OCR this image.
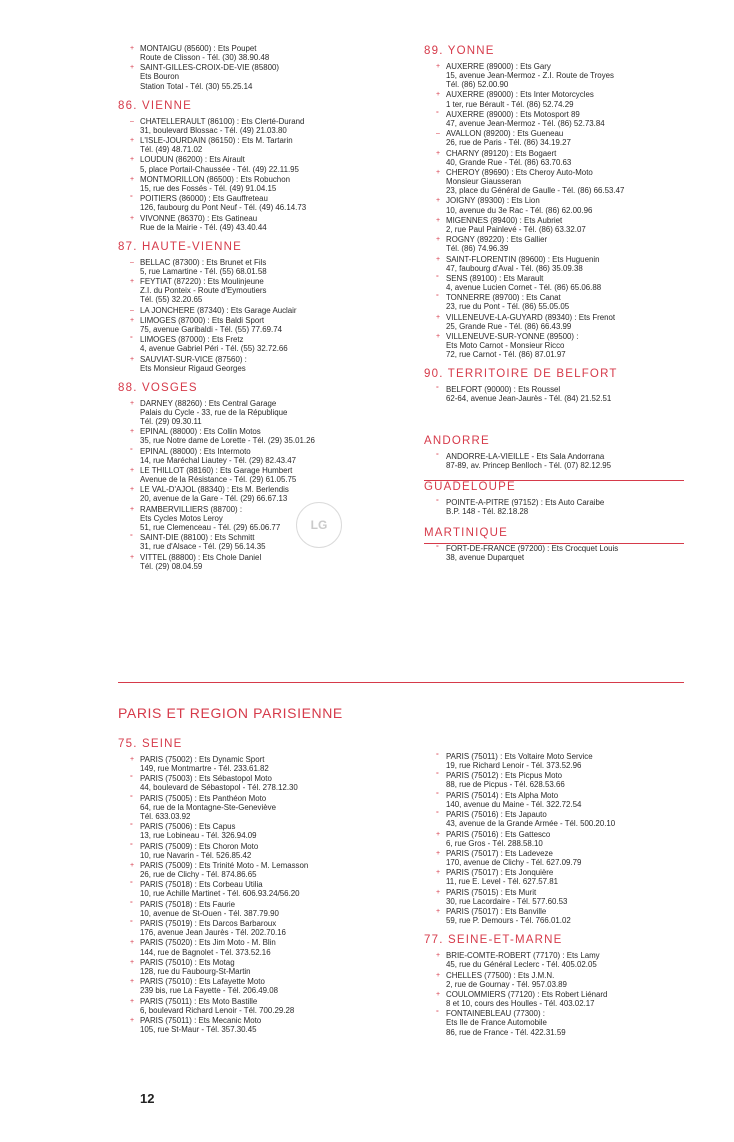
+ MONTAIGU (85600) : Ets Poupet
Route de Clisson - Tél. (30) 38.90.48
+ SAINT-GILLES-CROIX-DE-VIE (85800)
Ets Bouron
Station Total - Tél. (30) 55.25.14
86. VIENNE
– CHATELLERAULT (86100) : Ets Clerté-Durand
31, boulevard Blossac - Tél. (49) 21.03.80
+ L'ISLE-JOURDAIN (86150) : Ets M. Tartarin
Tél. (49) 48.71.02
+ LOUDUN (86200) : Ets Airault
5, place Portail-Chaussée - Tél. (49) 22.11.95
+ MONTMORILLON (86500) : Ets Robuchon
15, rue des Fossés - Tél. (49) 91.04.15
° POITIERS (86000) : Ets Gauffreteau
126, faubourg du Pont Neuf - Tél. (49) 46.14.73
+ VIVONNE (86370) : Ets Gatineau
Rue de la Mairie - Tél. (49) 43.40.44
87. HAUTE-VIENNE
– BELLAC (87300) : Ets Brunet et Fils
5, rue Lamartine - Tél. (55) 68.01.58
+ FEYTIAT (87220) : Ets Moulinjeune
Z.I. du Ponteix - Route d'Eymoutiers
Tél. (55) 32.20.65
– LA JONCHERE (87340) : Ets Garage Auclair
+ LIMOGES (87000) : Ets Baldi Sport
75, avenue Garibaldi - Tél. (55) 77.69.74
° LIMOGES (87000) : Ets Fretz
4, avenue Gabriel Péri - Tél. (55) 32.72.66
+ SAUVIAT-SUR-VICE (87560) :
Ets Monsieur Rigaud Georges
88. VOSGES
+ DARNEY (88260) : Ets Central Garage
Palais du Cycle - 33, rue de la République
Tél. (29) 09.30.11
+ EPINAL (88000) : Ets Collin Motos
35, rue Notre dame de Lorette - Tél. (29) 35.01.26
° EPINAL (88000) : Ets Intermoto
14, rue Maréchal Liautey - Tél. (29) 82.43.47
+ LE THILLOT (88160) : Ets Garage Humbert
Avenue de la Résistance - Tél. (29) 61.05.75
+ LE VAL-D'AJOL (88340) : Ets M. Berlendis
20, avenue de la Gare - Tél. (29) 66.67.13
+ RAMBERVILLIERS (88700) :
Ets Cycles Motos Leroy
51, rue Clemenceau - Tél. (29) 65.06.77
° SAINT-DIE (88100) : Ets Schmitt
31, rue d'Alsace - Tél. (29) 56.14.35
+ VITTEL (88800) : Ets Chole Daniel
Tél. (29) 08.04.59
89. YONNE
+ AUXERRE (89000) : Ets Gary
15, avenue Jean-Mermoz - Z.I. Route de Troyes
Tél. (86) 52.00.90
+ AUXERRE (89000) : Ets Inter Motorcycles
1 ter, rue Bérault - Tél. (86) 52.74.29
° AUXERRE (89000) : Ets Motosport 89
47, avenue Jean-Mermoz - Tél. (86) 52.73.84
– AVALLON (89200) : Ets Gueneau
26, rue de Paris - Tél. (86) 34.19.27
+ CHARNY (89120) : Ets Bogaert
40, Grande Rue - Tél. (86) 63.70.63
+ CHEROY (89690) : Ets Cheroy Auto-Moto
Monsieur Giausseran
23, place du Général de Gaulle - Tél. (86) 66.53.47
+ JOIGNY (89300) : Ets Lion
10, avenue du 3e Rac - Tél. (86) 62.00.96
+ MIGENNES (89400) : Ets Aubriet
2, rue Paul Painlevé - Tél. (86) 63.32.07
+ ROGNY (89220) : Ets Gallier
Tél. (86) 74.96.39
+ SAINT-FLORENTIN (89600) : Ets Huguenin
47, faubourg d'Aval - Tél. (86) 35.09.38
° SENS (89100) : Ets Marault
4, avenue Lucien Cornet - Tél. (86) 65.06.88
° TONNERRE (89700) : Ets Canat
23, rue du Pont - Tél. (86) 55.05.05
+ VILLENEUVE-LA-GUYARD (89340) : Ets Frenot
25, Grande Rue - Tél. (86) 66.43.99
+ VILLENEUVE-SUR-YONNE (89500) :
Ets Moto Carnot - Monsieur Ricco
72, rue Carnot - Tél. (86) 87.01.97
90. TERRITOIRE DE BELFORT
° BELFORT (90000) : Ets Roussel
62-64, avenue Jean-Jaurès - Tél. (84) 21.52.51
ANDORRE
° ANDORRE-LA-VIEILLE - Ets Sala Andorrana
87-89, av. Princep Benlloch - Tél. (07) 82.12.95
GUADELOUPE
° POINTE-A-PITRE (97152) : Ets Auto Caraibe
B.P. 148 - Tél. 82.18.28
MARTINIQUE
° FORT-DE-FRANCE (97200) : Ets Crocquet Louis
38, avenue Duparquet
PARIS ET REGION PARISIENNE
75. SEINE
+ PARIS (75002) : Ets Dynamic Sport
149, rue Montmartre - Tél. 233.61.82
° PARIS (75003) : Ets Sébastopol Moto
44, boulevard de Sébastopol - Tél. 278.12.30
° PARIS (75005) : Ets Panthéon Moto
64, rue de la Montagne-Ste-Geneviève
Tél. 633.03.92
° PARIS (75006) : Ets Capus
13, rue Lobineau - Tél. 326.94.09
° PARIS (75009) : Ets Choron Moto
10, rue Navarin - Tél. 526.85.42
+ PARIS (75009) : Ets Trinité Moto - M. Lemasson
26, rue de Clichy - Tél. 874.86.65
° PARIS (75018) : Ets Corbeau Utilia
10, rue Achille Martinet - Tél. 606.93.24/56.20
° PARIS (75018) : Ets Faurie
10, avenue de St-Ouen - Tél. 387.79.90
° PARIS (75019) : Ets Darcos Barbaroux
176, avenue Jean Jaurès - Tél. 202.70.16
+ PARIS (75020) : Ets Jim Moto - M. Blin
144, rue de Bagnolet - Tél. 373.52.16
+ PARIS (75010) : Ets Motag
128, rue du Faubourg-St-Martin
+ PARIS (75010) : Ets Lafayette Moto
239 bis, rue La Fayette - Tél. 206.49.08
+ PARIS (75011) : Ets Moto Bastille
6, boulevard Richard Lenoir - Tél. 700.29.28
+ PARIS (75011) : Ets Mecanic Moto
105, rue St-Maur - Tél. 357.30.45
° PARIS (75011) : Ets Voltaire Moto Service
19, rue Richard Lenoir - Tél. 373.52.96
° PARIS (75012) : Ets Picpus Moto
88, rue de Picpus - Tél. 628.53.66
° PARIS (75014) : Ets Alpha Moto
140, avenue du Maine - Tél. 322.72.54
° PARIS (75016) : Ets Japauto
43, avenue de la Grande Armée - Tél. 500.20.10
+ PARIS (75016) : Ets Gattesco
6, rue Gros - Tél. 288.58.10
+ PARIS (75017) : Ets Ladeveze
170, avenue de Clichy - Tél. 627.09.79
+ PARIS (75017) : Ets Jonquière
11, rue E. Level - Tél. 627.57.81
+ PARIS (75015) : Ets Murit
30, rue Lacordaire - Tél. 577.60.53
+ PARIS (75017) : Ets Banville
59, rue P. Demours - Tél. 766.01.02
77. SEINE-ET-MARNE
+ BRIE-COMTE-ROBERT (77170) : Ets Lamy
45, rue du Général Leclerc - Tél. 405.02.05
+ CHELLES (77500) : Ets J.M.N.
2, rue de Gournay - Tél. 957.03.89
+ COULOMMIERS (77120) : Ets Robert Liénard
8 et 10, cours des Houlles - Tél. 403.02.17
° FONTAINEBLEAU (77300) :
Ets Ile de France Automobile
86, rue de France - Tél. 422.31.59
LG
12
